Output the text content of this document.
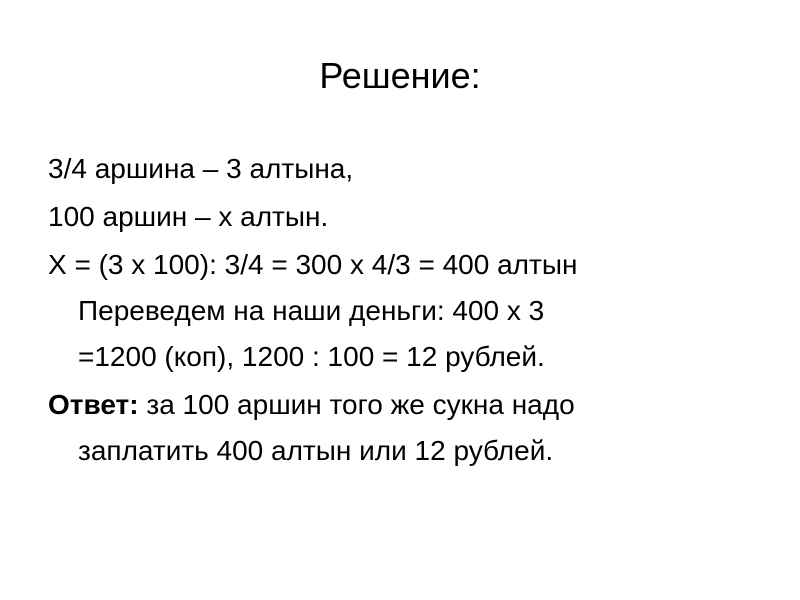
Решение:
3/4 аршина – 3 алтына,
100 аршин – х алтын.
Х = (3 х 100): 3/4 = 300 х 4/3 = 400 алтын
Переведем на наши деньги: 400 х 3
=1200 (коп), 1200 : 100 = 12 рублей.
Ответ: за 100 аршин того же сукна надо
заплатить 400 алтын или 12 рублей.
